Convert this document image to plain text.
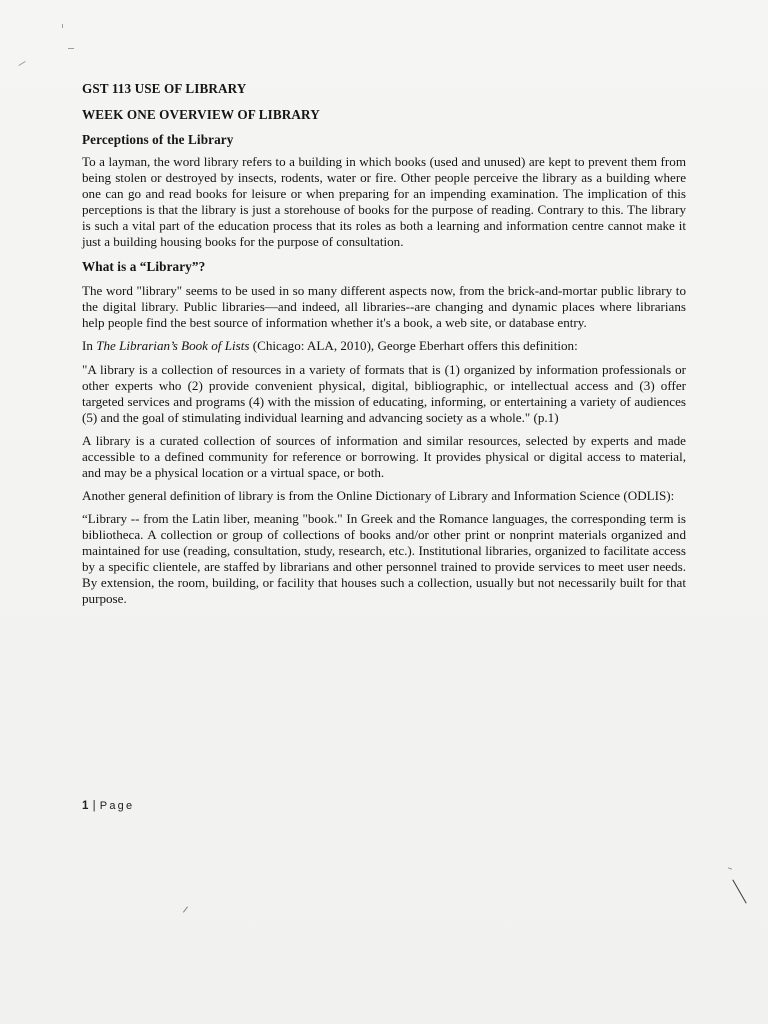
GST 113 USE OF LIBRARY
WEEK ONE OVERVIEW OF LIBRARY
Perceptions of the Library

To a layman, the word library refers to a building in which books (used and unused) are kept to prevent them from being stolen or destroyed by insects, rodents, water or fire. Other people perceive the library as a building where one can go and read books for leisure or when preparing for an impending examination. The implication of this perceptions is that the library is just a storehouse of books for the purpose of reading. Contrary to this. The library is such a vital part of the education process that its roles as both a learning and information centre cannot make it just a building housing books for the purpose of consultation.

What is a “Library”?

The word "library" seems to be used in so many different aspects now, from the brick-and-mortar public library to the digital library. Public libraries—and indeed, all libraries--are changing and dynamic places where librarians help people find the best source of information whether it's a book, a web site, or database entry.

In The Librarian’s Book of Lists (Chicago: ALA, 2010), George Eberhart offers this definition:

"A library is a collection of resources in a variety of formats that is (1) organized by information professionals or other experts who (2) provide convenient physical, digital, bibliographic, or intellectual access and (3) offer targeted services and programs (4) with the mission of educating, informing, or entertaining a variety of audiences (5) and the goal of stimulating individual learning and advancing society as a whole." (p.1)

A library is a curated collection of sources of information and similar resources, selected by experts and made accessible to a defined community for reference or borrowing. It provides physical or digital access to material, and may be a physical location or a virtual space, or both.

Another general definition of library is from the Online Dictionary of Library and Information Science (ODLIS):

“Library -- from the Latin liber, meaning "book." In Greek and the Romance languages, the corresponding term is bibliotheca. A collection or group of collections of books and/or other print or nonprint materials organized and maintained for use (reading, consultation, study, research, etc.). Institutional libraries, organized to facilitate access by a specific clientele, are staffed by librarians and other personnel trained to provide services to meet user needs. By extension, the room, building, or facility that houses such a collection, usually but not necessarily built for that purpose.

1 | Page
